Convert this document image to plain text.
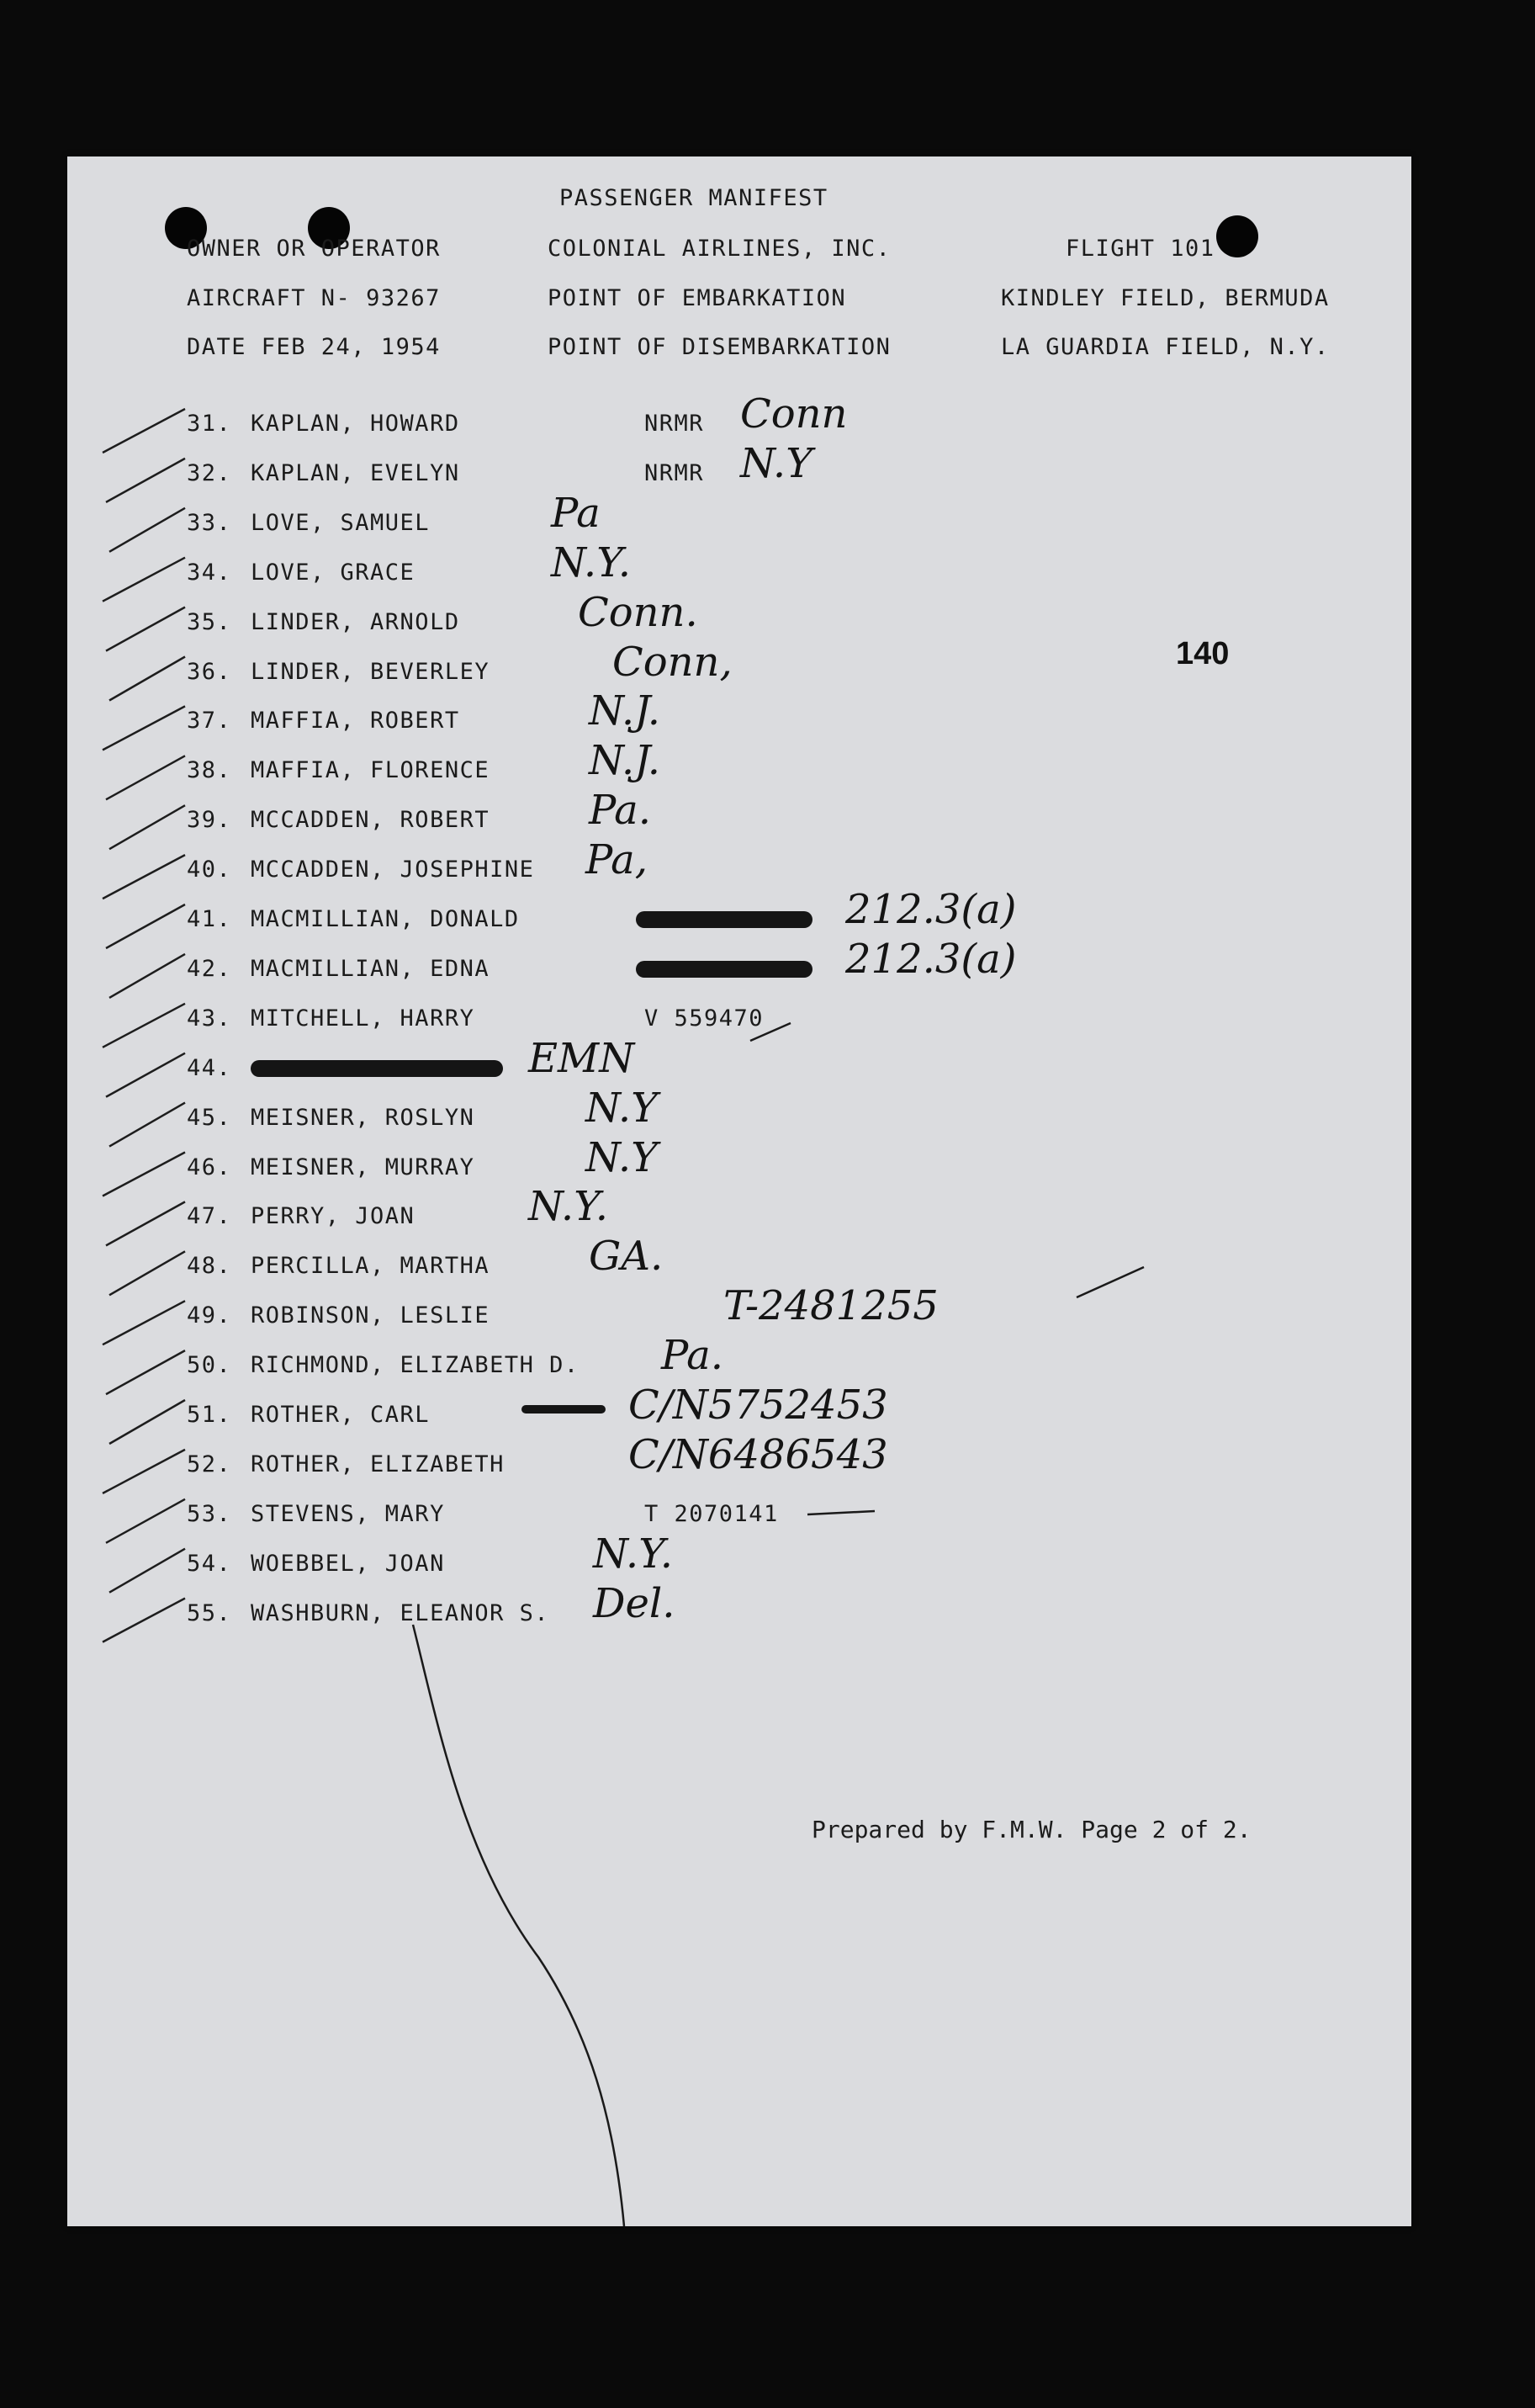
PASSENGER MANIFEST
OWNER OR OPERATOR	COLONIAL AIRLINES, INC.	FLIGHT 101
AIRCRAFT N- 93267	POINT OF EMBARKATION	KINDLEY FIELD, BERMUDA
DATE FEB 24, 1954	POINT OF DISEMBARKATION	LA GUARDIA FIELD, N.Y.
140
31. KAPLAN, HOWARD	NRMR Conn
32. KAPLAN, EVELYN	NRMR N.Y
33. LOVE, SAMUEL	Pa
34. LOVE, GRACE	N.Y.
35. LINDER, ARNOLD	Conn.
36. LINDER, BEVERLEY	Conn,
37. MAFFIA, ROBERT	N.J.
38. MAFFIA, FLORENCE N.J.
39. MCCADDEN, ROBERT Pa.
40. MCCADDEN, JOSEPHINE Pa,
41. MACMILLIAN, DONALD	212.3(a)
42. MACMILLIAN, EDNA	212.3(a)
43. MITCHELL, HARRY	V 559470
44.	EMN
45. MEISNER, ROSLYN	N.Y
46. MEISNER, MURRAY	N.Y
47. PERRY, JOAN	N.Y.
48. PERCILLA, MARTHA GA.
49. ROBINSON, LESLIE	T-2481255
50. RICHMOND, ELIZABETH D. Pa.
51. ROTHER, CARL	C/N5752453
52. ROTHER, ELIZABETH	C/N6486543
53. STEVENS, MARY	T 2070141
54. WOEBBEL, JOAN	N.Y.
55. WASHBURN, ELEANOR S. Del.
Prepared by F.M.W. Page 2 of 2.
